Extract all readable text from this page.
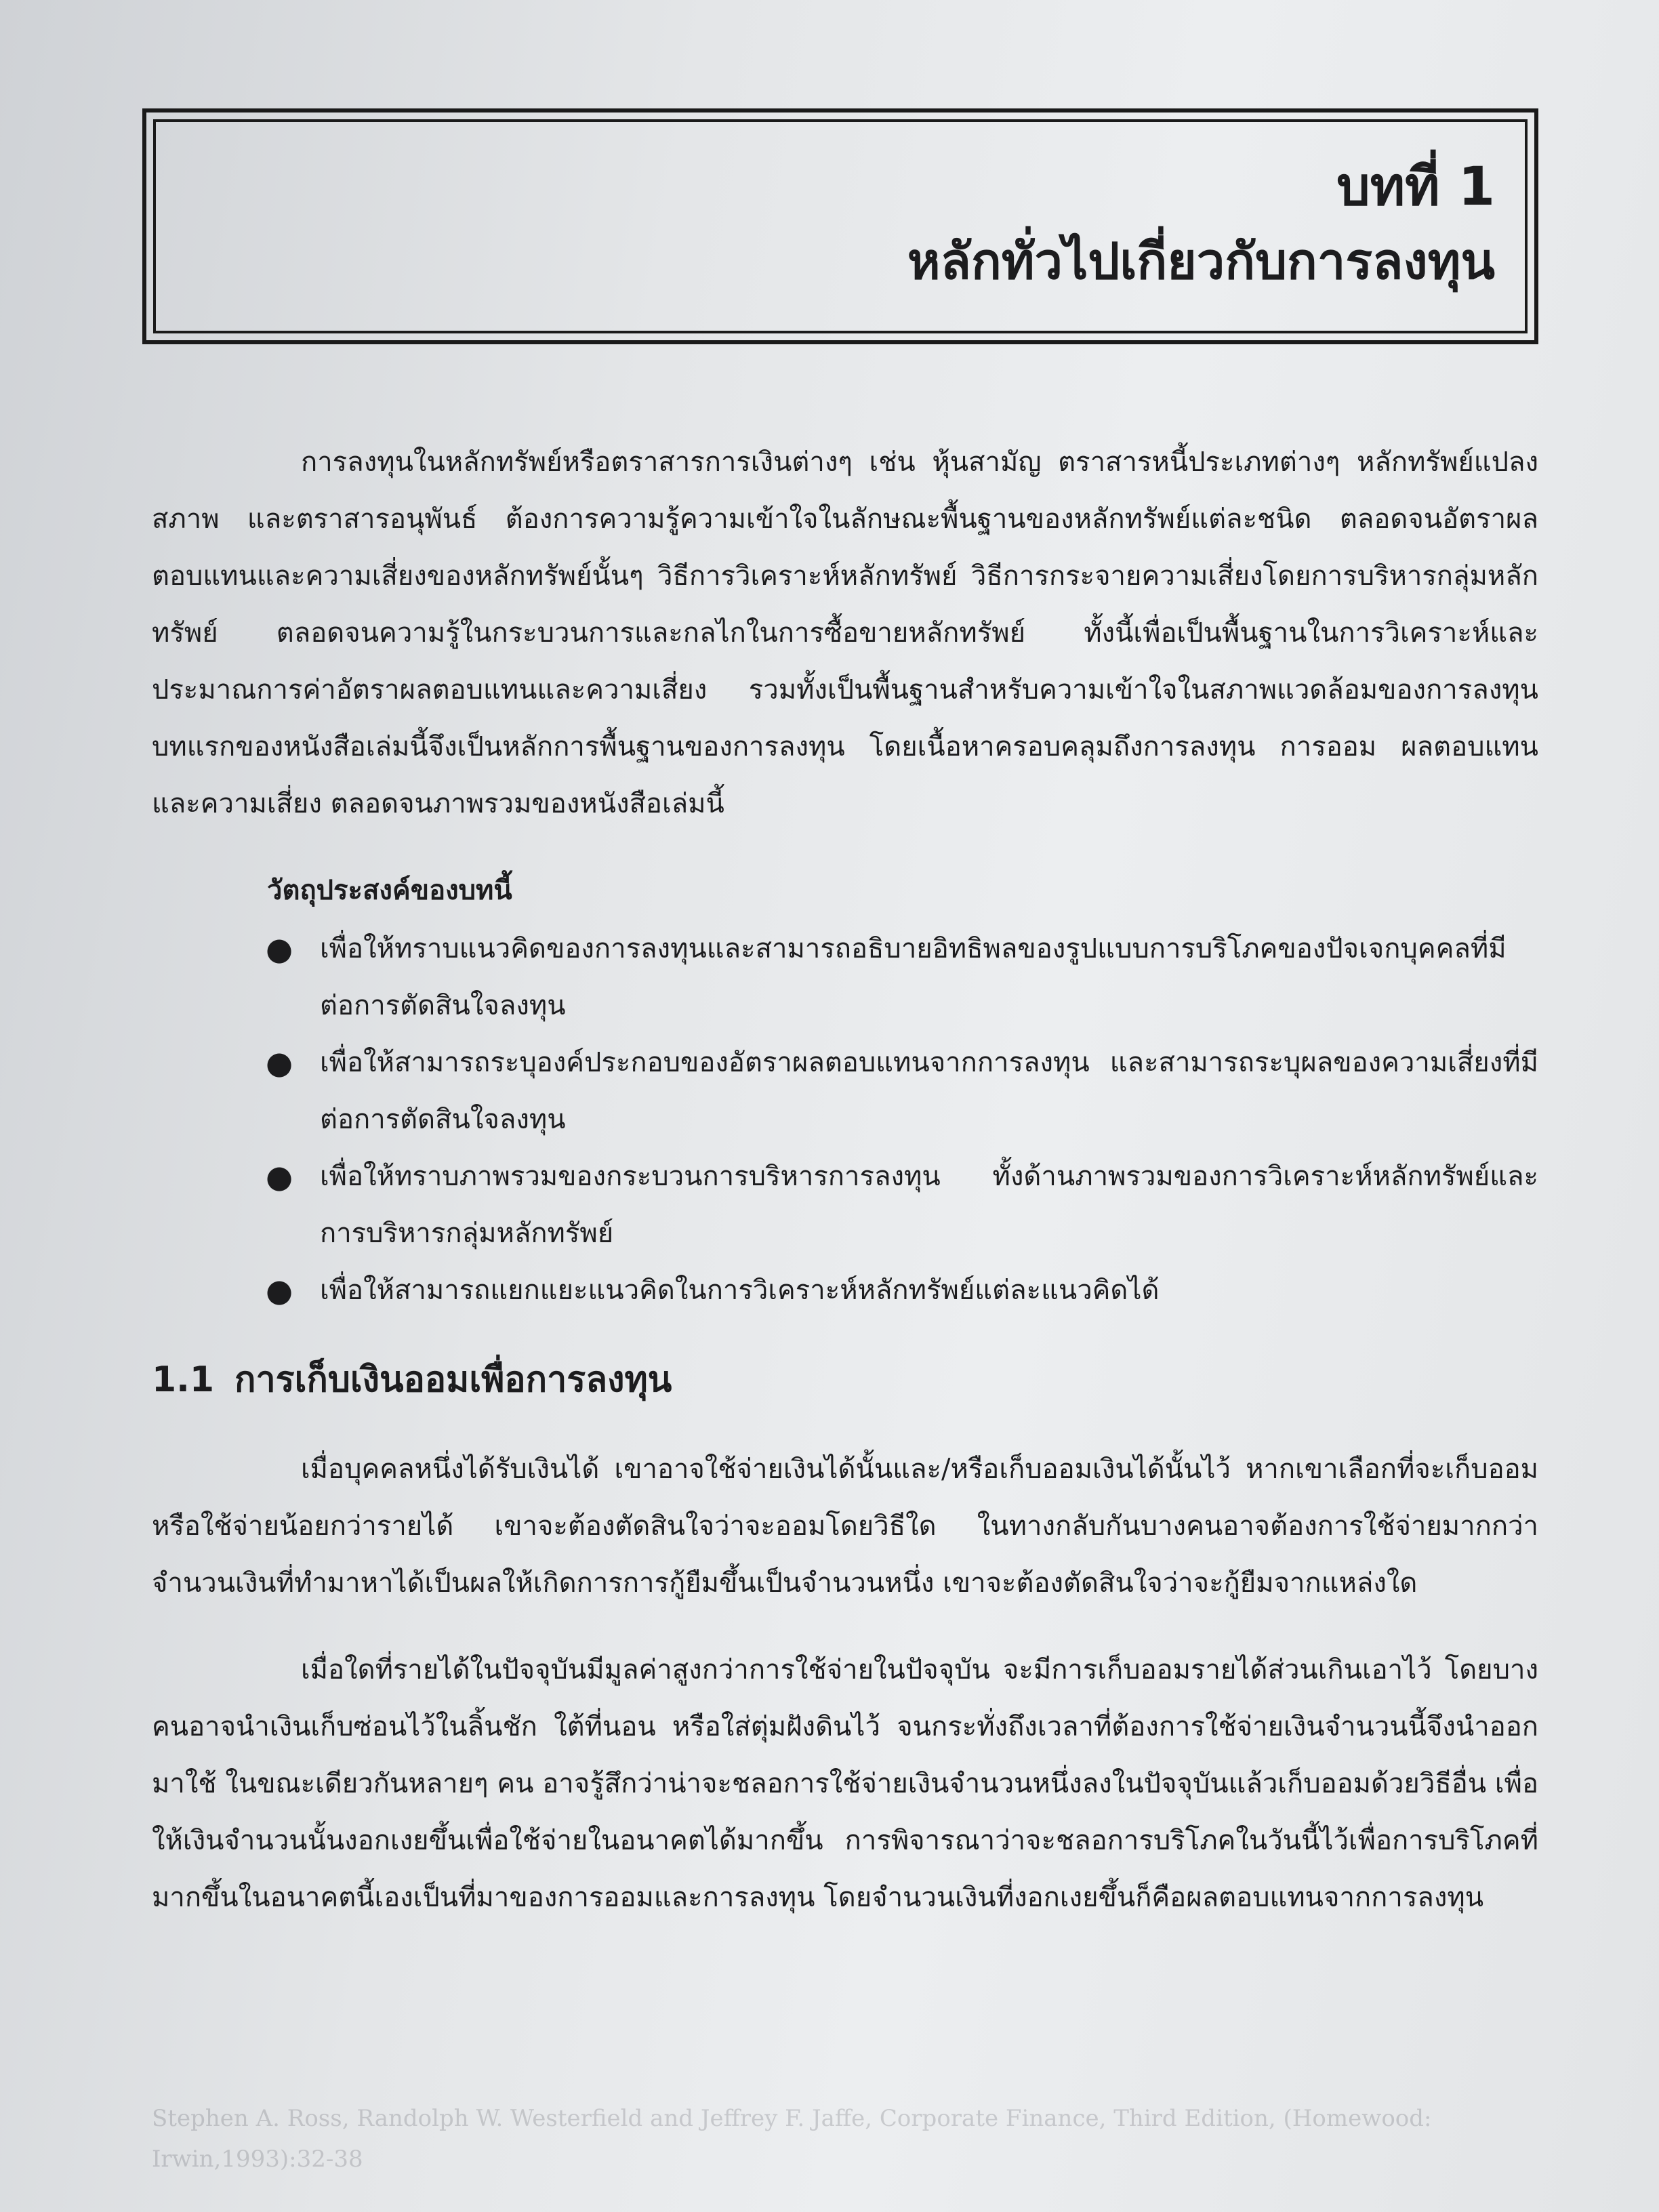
บทที่ 1
หลักทั่วไปเกี่ยวกับการลงทุน

การลงทุนในหลักทรัพย์หรือตราสารการเงินต่างๆ เช่น หุ้นสามัญ ตราสารหนี้ประเภทต่างๆ หลักทรัพย์แปลงสภาพ และตราสารอนุพันธ์ ต้องการความรู้ความเข้าใจในลักษณะพื้นฐานของหลักทรัพย์แต่ละชนิด ตลอดจนอัตราผลตอบแทนและความเสี่ยงของหลักทรัพย์นั้นๆ วิธีการวิเคราะห์หลักทรัพย์ วิธีการกระจายความเสี่ยงโดยการบริหารกลุ่มหลักทรัพย์ ตลอดจนความรู้ในกระบวนการและกลไกในการซื้อขายหลักทรัพย์ ทั้งนี้เพื่อเป็นพื้นฐานในการวิเคราะห์และประมาณการค่าอัตราผลตอบแทนและความเสี่ยง รวมทั้งเป็นพื้นฐานสำหรับความเข้าใจในสภาพแวดล้อมของการลงทุน บทแรกของหนังสือเล่มนี้จึงเป็นหลักการพื้นฐานของการลงทุน โดยเนื้อหาครอบคลุมถึงการลงทุน การออม ผลตอบแทนและความเสี่ยง ตลอดจนภาพรวมของหนังสือเล่มนี้

วัตถุประสงค์ของบทนี้
● เพื่อให้ทราบแนวคิดของการลงทุนและสามารถอธิบายอิทธิพลของรูปแบบการบริโภคของปัจเจกบุคคลที่มีต่อการตัดสินใจลงทุน
● เพื่อให้สามารถระบุองค์ประกอบของอัตราผลตอบแทนจากการลงทุน และสามารถระบุผลของความเสี่ยงที่มีต่อการตัดสินใจลงทุน
● เพื่อให้ทราบภาพรวมของกระบวนการบริหารการลงทุน ทั้งด้านภาพรวมของการวิเคราะห์หลักทรัพย์และการบริหารกลุ่มหลักทรัพย์
● เพื่อให้สามารถแยกแยะแนวคิดในการวิเคราะห์หลักทรัพย์แต่ละแนวคิดได้
1.1 การเก็บเงินออมเพื่อการลงทุน

เมื่อบุคคลหนึ่งได้รับเงินได้ เขาอาจใช้จ่ายเงินได้นั้นและ/หรือเก็บออมเงินได้นั้นไว้ หากเขาเลือกที่จะเก็บออมหรือใช้จ่ายน้อยกว่ารายได้ เขาจะต้องตัดสินใจว่าจะออมโดยวิธีใด ในทางกลับกันบางคนอาจต้องการใช้จ่ายมากกว่าจำนวนเงินที่ทำมาหาได้เป็นผลให้เกิดการการกู้ยืมขึ้นเป็นจำนวนหนึ่ง เขาจะต้องตัดสินใจว่าจะกู้ยืมจากแหล่งใด

เมื่อใดที่รายได้ในปัจจุบันมีมูลค่าสูงกว่าการใช้จ่ายในปัจจุบัน จะมีการเก็บออมรายได้ส่วนเกินเอาไว้ โดยบางคนอาจนำเงินเก็บซ่อนไว้ในลิ้นชัก ใต้ที่นอน หรือใส่ตุ่มฝังดินไว้ จนกระทั่งถึงเวลาที่ต้องการใช้จ่ายเงินจำนวนนี้จึงนำออกมาใช้ ในขณะเดียวกันหลายๆ คน อาจรู้สึกว่าน่าจะชลอการใช้จ่ายเงินจำนวนหนึ่งลงในปัจจุบันแล้วเก็บออมด้วยวิธีอื่น เพื่อให้เงินจำนวนนั้นงอกเงยขึ้นเพื่อใช้จ่ายในอนาคตได้มากขึ้น การพิจารณาว่าจะชลอการบริโภคในวันนี้ไว้เพื่อการบริโภคที่มากขึ้นในอนาคตนี้เองเป็นที่มาของการออมและการลงทุน โดยจำนวนเงินที่งอกเงยขึ้นก็คือผลตอบแทนจากการลงทุน

Stephen A. Ross, Randolph W. Westerfield and Jeffrey F. Jaffe, Corporate Finance, Third Edition, (Homewood: Irwin,1993):32-38
